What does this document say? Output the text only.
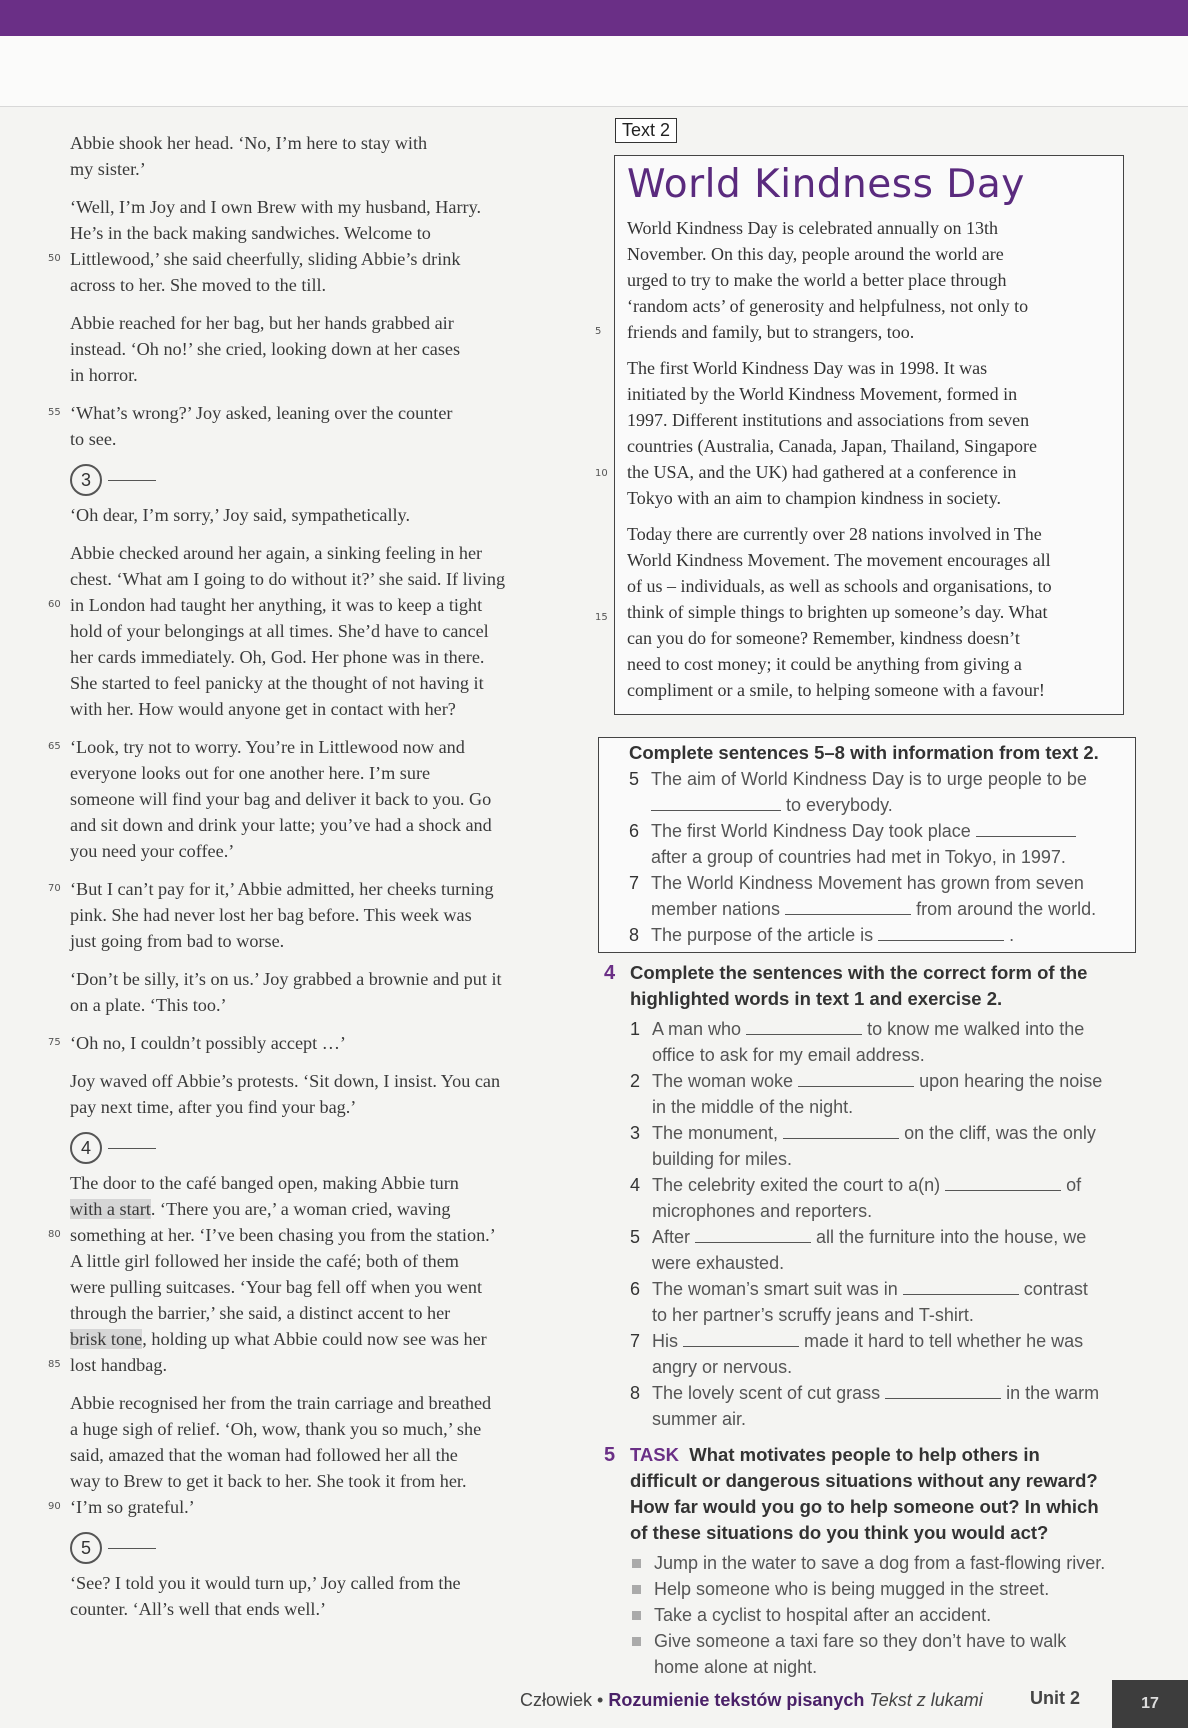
Abbie shook her head. ‘No, I’m here to stay with
my sister.’
50
‘Well, I’m Joy and I own Brew with my husband, Harry.
He’s in the back making sandwiches. Welcome to
Littlewood,’ she said cheerfully, sliding Abbie’s drink
across to her. She moved to the till.
Abbie reached for her bag, but her hands grabbed air
instead. ‘Oh no!’ she cried, looking down at her cases
in horror.
55 ‘What’s wrong?’ Joy asked, leaning over the counter
to see.
3
‘Oh dear, I’m sorry,’ Joy said, sympathetically.
60
Abbie checked around her again, a sinking feeling in her
chest. ‘What am I going to do without it?’ she said. If living
in London had taught her anything, it was to keep a tight
hold of your belongings at all times. She’d have to cancel
her cards immediately. Oh, God. Her phone was in there.
She started to feel panicky at the thought of not having it
with her. How would anyone get in contact with her?
65 ‘Look, try not to worry. You’re in Littlewood now and
everyone looks out for one another here. I’m sure
someone will find your bag and deliver it back to you. Go
and sit down and drink your latte; you’ve had a shock and
you need your coffee.’
70 ‘But I can’t pay for it,’ Abbie admitted, her cheeks turning
pink. She had never lost her bag before. This week was
just going from bad to worse.
‘Don’t be silly, it’s on us.’ Joy grabbed a brownie and put it
on a plate. ‘This too.’
75 ‘Oh no, I couldn’t possibly accept …’
Joy waved off Abbie’s protests. ‘Sit down, I insist. You can
pay next time, after you find your bag.’
4
80
85
The door to the café banged open, making Abbie turn
with a start. ‘There you are,’ a woman cried, waving
something at her. ‘I’ve been chasing you from the station.’
A little girl followed her inside the café; both of them
were pulling suitcases. ‘Your bag fell off when you went
through the barrier,’ she said, a distinct accent to her
brisk tone, holding up what Abbie could now see was her
lost handbag.
90
Abbie recognised her from the train carriage and breathed
a huge sigh of relief. ‘Oh, wow, thank you so much,’ she
said, amazed that the woman had followed her all the
way to Brew to get it back to her. She took it from her.
‘I’m so grateful.’
5
‘See? I told you it would turn up,’ Joy called from the
counter. ‘All’s well that ends well.’
Text 2
World Kindness Day
World Kindness Day is celebrated annually on 13th
November. On this day, people around the world are
urged to try to make the world a better place through
‘random acts’ of generosity and helpfulness, not only to
friends and family, but to strangers, too.
The first World Kindness Day was in 1998. It was
initiated by the World Kindness Movement, formed in
1997. Different institutions and associations from seven
countries (Australia, Canada, Japan, Thailand, Singapore
the USA, and the UK) had gathered at a conference in
Tokyo with an aim to champion kindness in society.
Today there are currently over 28 nations involved in The
World Kindness Movement. The movement encourages all
of us – individuals, as well as schools and organisations, to
think of simple things to brighten up someone’s day. What
can you do for someone? Remember, kindness doesn’t
need to cost money; it could be anything from giving a
compliment or a smile, to helping someone with a favour!
5
10
15
Complete sentences 5–8 with information from text 2.
5 The aim of World Kindness Day is to urge people to be
to everybody.
6 The first World Kindness Day took place
after a group of countries had met in Tokyo, in 1997.
7 The World Kindness Movement has grown from seven
member nations	from around the world.
8 The purpose of the article is	.
4 Complete the sentences with the correct form of the
highlighted words in text 1 and exercise 2.
1 A man who	to know me walked into the
office to ask for my email address.
2 The woman woke	upon hearing the noise
in the middle of the night.
3 The monument,	on the cliff, was the only
building for miles.
4 The celebrity exited the court to a(n)	of
microphones and reporters.
5 After	all the furniture into the house, we
were exhausted.
6 The woman’s smart suit was in	contrast
to her partner’s scruffy jeans and T-shirt.
7 His	made it hard to tell whether he was
angry or nervous.
8 The lovely scent of cut grass	in the warm
summer air.
5 TASK What motivates people to help others in
difficult or dangerous situations without any reward?
How far would you go to help someone out? In which
of these situations do you think you would act?
Jump in the water to save a dog from a fast-flowing river.
Help someone who is being mugged in the street.
Take a cyclist to hospital after an accident.
Give someone a taxi fare so they don’t have to walk
home alone at night.
Człowiek • Rozumienie tekstów pisanych Tekst z lukami	Unit 2	17
